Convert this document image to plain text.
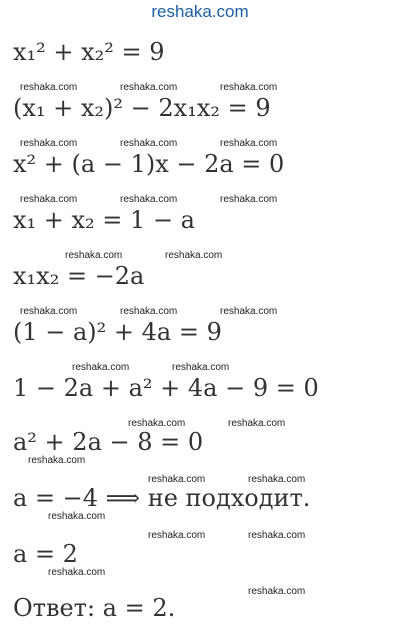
reshaka.com
x₁² + x₂² = 9
(x₁ + x₂)² − 2x₁x₂ = 9
x² + (a − 1)x − 2a = 0
x₁ + x₂ = 1 − a
x₁x₂ = −2a
(1 − a)² + 4a = 9
1 − 2a + a² + 4a − 9 = 0
a² + 2a − 8 = 0
a = −4 ⟹ не подходит.
a = 2
Ответ: a = 2.
reshaka.com	reshaka.com	reshaka.com
reshaka.com	reshaka.com	reshaka.com
reshaka.com	reshaka.com	reshaka.com
reshaka.com	reshaka.com
reshaka.com	reshaka.com	reshaka.com
reshaka.com	reshaka.com
reshaka.com	reshaka.com
reshaka.com
reshaka.com	reshaka.com
reshaka.com
reshaka.com	reshaka.com
reshaka.com
reshaka.com
